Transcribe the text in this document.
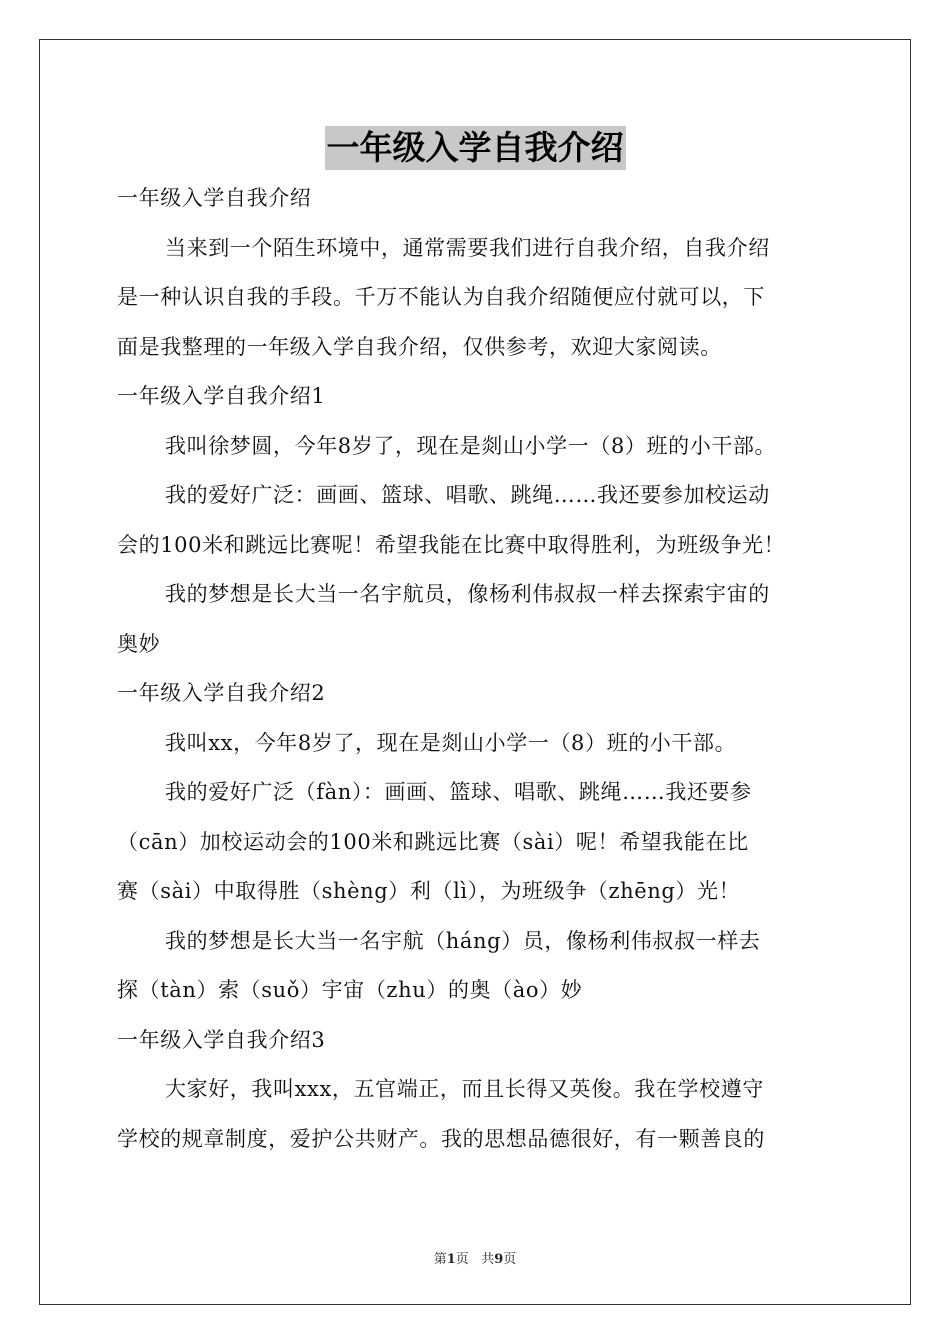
一年级入学自我介绍
一年级入学自我介绍
当来到一个陌生环境中，通常需要我们进行自我介绍，自我介绍
是一种认识自我的手段。千万不能认为自我介绍随便应付就可以，下
面是我整理的一年级入学自我介绍，仅供参考，欢迎大家阅读。
一年级入学自我介绍1
我叫徐梦圆，今年8岁了，现在是剡山小学一（8）班的小干部。
我的爱好广泛：画画、篮球、唱歌、跳绳……我还要参加校运动
会的100米和跳远比赛呢！希望我能在比赛中取得胜利，为班级争光！
我的梦想是长大当一名宇航员，像杨利伟叔叔一样去探索宇宙的
奥妙
一年级入学自我介绍2
我叫xx，今年8岁了，现在是剡山小学一（8）班的小干部。
我的爱好广泛（fàn）：画画、篮球、唱歌、跳绳……我还要参
（cān）加校运动会的100米和跳远比赛（sài）呢！希望我能在比
赛（sài）中取得胜（shèng）利（lì），为班级争（zhēng）光！
我的梦想是长大当一名宇航（háng）员，像杨利伟叔叔一样去
探（tàn）索（suǒ）宇宙（zhu）的奥（ào）妙
一年级入学自我介绍3
大家好，我叫xxx，五官端正，而且长得又英俊。我在学校遵守
学校的规章制度，爱护公共财产。我的思想品德很好，有一颗善良的
第1页 共9页
